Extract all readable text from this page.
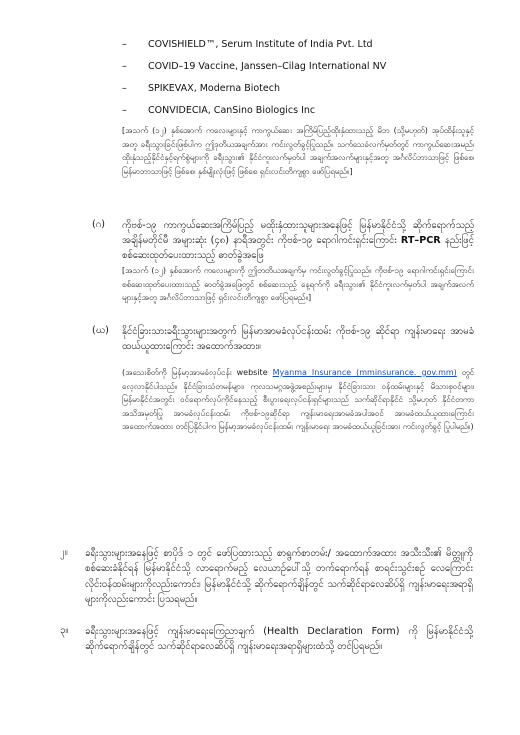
– COVISHIELD™, Serum Institute of India Pvt. Ltd
– COVID–19 Vaccine, Janssen–Cilag International NV
– SPIKEVAX, Moderna Biotech
– CONVIDECIA, CanSino Biologics Inc
[အသက် (၁၂) နှစ်အောက် ကလေးများနှင့် ကာကွယ်ဆေး အကြိမ်ပြည့်ထိုးနှံထားသည့် မိဘ (သို့မဟုတ်) အုပ်ထိန်းသူနှင့်အတူ ခရီးသွားခြင်းဖြစ်ပါက ဤဒုတိယအချက်အား ကင်းလွတ်ခွင့်ပြုသည်။ သက်သေခံလက်မှတ်တွင် ကာကွယ်ဆေးအမည်၊ ထိုးနှံသည့်နိုင်ငံနှင့်ရက်စွဲများကို ခရီးသွား၏ နိုင်ငံကူးလက်မှတ်ပါ အချက်အလက်များနှင့်အတူ အင်္ဂလိပ်ဘာသာဖြင့် ဖြစ်စေ၊ မြန်မာဘာသာဖြင့် ဖြစ်စေ၊ နှစ်မျိုးလုံးဖြင့် ဖြစ်စေ ရှင်းလင်းတိကျစွာ ဖော်ပြရမည်။]
(ဂ) ကိုဗစ်-၁၉ ကာကွယ်ဆေးအကြိမ်ပြည့် မထိုးနှံထားသူများအနေဖြင့် မြန်မာနိုင်ငံသို့ ဆိုက်ရောက်သည့် အချိန်မတိုင်မီ အများဆုံး (၄၈) နာရီအတွင်း ကိုဗစ်-၁၉ ရောဂါကင်းရှင်းကြောင်း RT–PCR နည်းဖြင့် စစ်ဆေးထုတ်ပေးထားသည့် ဓာတ်ခွဲအဖြေ
[အသက် (၁၂) နှစ်အောက် ကလေးများကို ဤတတိယအချက်မှ ကင်းလွတ်ခွင့်ပြုသည်။ ကိုဗစ်-၁၉ ရောဂါကင်းရှင်းကြောင်း စစ်ဆေးထုတ်ပေးထားသည့် ဓာတ်ခွဲအဖြေတွင် စစ်ဆေးသည့် နေ့ရက်ကို ခရီးသွား၏ နိုင်ငံကူးလက်မှတ်ပါ အချက်အလက်များနှင့်အတူ အင်္ဂလိပ်ဘာသာဖြင့် ရှင်းလင်းတိကျစွာ ဖော်ပြရမည်။]
(ဃ) နိုင်ငံခြားသားခရီးသွားများအတွက် မြန်မာအာမခံလုပ်ငန်းထမ်း ကိုဗစ်-၁၉ ဆိုင်ရာ ကျန်းမာရေး အာမခံထယ်ယူထားကြောင်း အထောက်အထား။
(အသေးစိတ်ကို မြန်မာ့အာမခံလုပ်ငန်း website Myanma Insurance (mminsurance. gov.mm) တွင် လေ့လာနိုင်ပါသည်။ နိုင်ငံခြားသံတမန်များ၊ ကုလသမဂ္ဂအဖွဲ့အစည်းများမှ နိုင်ငံခြားသား ဝန်ထမ်းများနှင့် မိသားစုဝင်များ၊ မြန်မာနိုင်ငံအတွင်း ဝင်ရောက်လုပ်ကိုင်နေသည့် စီးပွားရေးလုပ်ငန်းရှင်များသည် သက်ဆိုင်ရာနိုင်ငံ သို့မဟုတ် နိုင်ငံတကာအသိအမှတ်ပြု အာမခံလုပ်ငန်းထမ်း ကိုဗစ်-၁၉ဆိုင်ရာ ကျန်းမာရေးအာမခံအပါအဝင် အာမခံထယ်ယူထားကြောင်းအထောက်အထား တင်ပြနိုင်ပါက မြန်မာ့အာမခံလုပ်ငန်းထမ်း ကျန်းမာရေး အာမခံထယ်ယူခြင်းအား ကင်းလွတ်ခွင့် ပြုပါမည်။)
၂။ ခရီးသွားများအနေဖြင့် စာပိုဒ် ၁ တွင် ဖော်ပြထားသည့် စာရွက်စာတမ်း/ အထောက်အထား အသီးသီး၏ မိတ္တူကိုစစ်ဆေးခံနိုင်ရန် မြန်မာနိုင်ငံသို့ လာရောက်မည့် လေယာဉ်ပေါ်သို့ တက်ရောက်ရန် စာရင်းသွင်းစဉ် လေကြောင်းလိုင်းဝန်ထမ်းများကိုလည်းကောင်း၊ မြန်မာနိုင်ငံသို့ ဆိုက်ရောက်ချိန်တွင် သက်ဆိုင်ရာလေဆိပ်ရှိ ကျန်းမာရေးအရာရှိများကိုလည်းကောင်း ပြသရမည်။
၃။ ခရီးသွားများအနေဖြင့် ကျန်းမာရေးကြေညာချက် (Health Declaration Form) ကို မြန်မာနိုင်ငံသို့ ဆိုက်ရောက်ချိန်တွင် သက်ဆိုင်ရာလေဆိပ်ရှိ ကျန်းမာရေးအရာရှိများထံသို့ တင်ပြရမည်။
